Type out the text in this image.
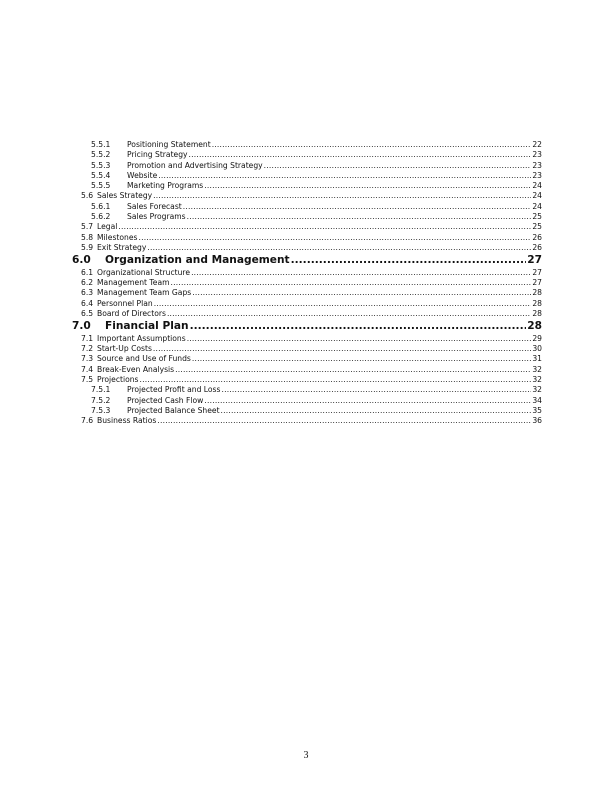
5.5.1	Positioning Statement .....	22
5.5.2	Pricing Strategy .....	23
5.5.3	Promotion and Advertising Strategy .....	23
5.5.4	Website .....	23
5.5.5	Marketing Programs .....	24
5.6 Sales Strategy .....	24
5.6.1	Sales Forecast .....	24
5.6.2	Sales Programs .....	25
5.7 Legal .....	25
5.8 Milestones .....	26
5.9 Exit Strategy .....	26
6.0	Organization and Management .....	27
6.1 Organizational Structure .....	27
6.2 Management Team .....	27
6.3 Management Team Gaps .....	28
6.4 Personnel Plan .....	28
6.5 Board of Directors .....	28
7.0	Financial Plan .....	28
7.1 Important Assumptions .....	29
7.2 Start-Up Costs .....	30
7.3 Source and Use of Funds .....	31
7.4 Break-Even Analysis .....	32
7.5 Projections .....	32
7.5.1	Projected Profit and Loss .....	32
7.5.2	Projected Cash Flow .....	34
7.5.3	Projected Balance Sheet .....	35
7.6 Business Ratios .....	36
3
